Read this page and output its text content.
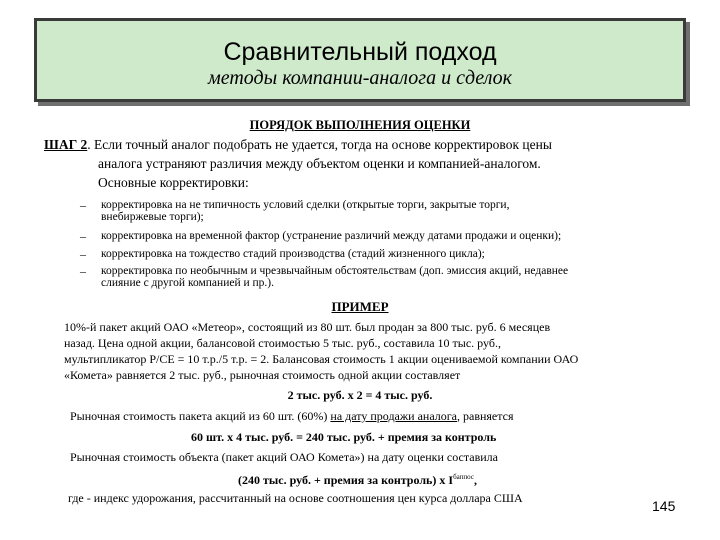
Сравнительный подход
методы компании-аналога и сделок
ПОРЯДОК ВЫПОЛНЕНИЯ ОЦЕНКИ
ШАГ 2. Если точный аналог подобрать не удается, тогда на основе корректировок цены
аналога устраняют различия между объектом оценки и компанией-аналогом.
Основные корректировки:
– корректировка на не типичность условий сделки (открытые торги, закрытые торги,
внебиржевые торги);
– корректировка на временной фактор (устранение различий между датами продажи и оценки);
– корректировка на тождество стадий производства (стадий жизненного цикла);
– корректировка по необычным и чрезвычайным обстоятельствам (доп. эмиссия акций, недавнее
слияние с другой компанией и пр.).
ПРИМЕР
10%-й пакет акций ОАО «Метеор», состоящий из 80 шт. был продан за 800 тыс. руб. 6 месяцев
назад. Цена одной акции, балансовой стоимостью 5 тыс. руб., составила 10 тыс. руб.,
мультипликатор P/CE = 10 т.р./5 т.р. = 2. Балансовая стоимость 1 акции оцениваемой компании ОАО
«Комета» равняется 2 тыс. руб., рыночная стоимость одной акции составляет
2 тыс. руб. х 2 = 4 тыс. руб.
Рыночная стоимость пакета акций из 60 шт. (60%) на дату продажи аналога, равняется
60 шт. х 4 тыс. руб. = 240 тыс. руб. + премия за контроль
Рыночная стоимость объекта (пакет акций ОАО Комета») на дату оценки составила
(240 тыс. руб. + премия за контроль) х $I^{баппос}$,
где - индекс удорожания, рассчитанный на основе соотношения цен курса доллара США	145
